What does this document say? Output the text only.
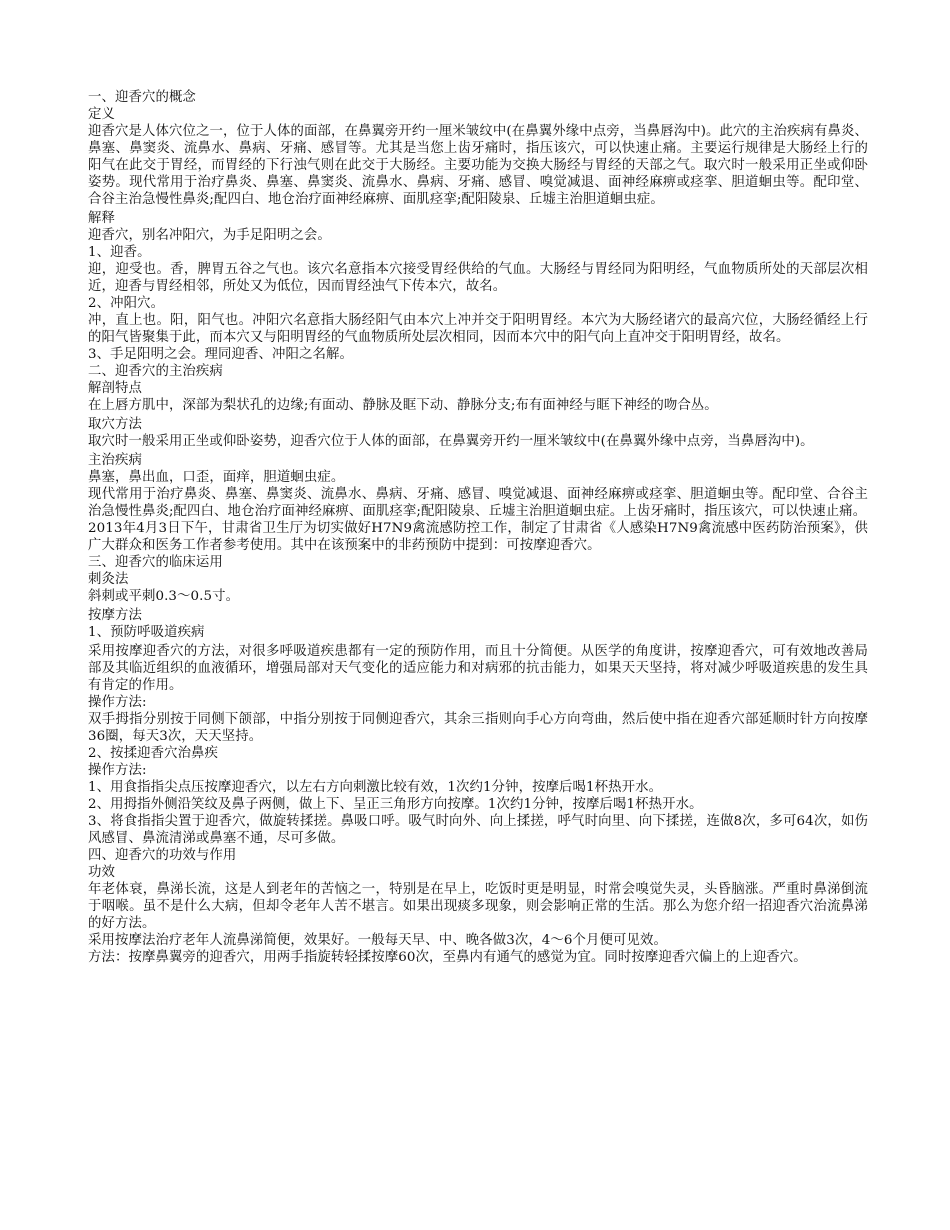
一、迎香穴的概念

定义

迎香穴是人体穴位之一，位于人体的面部，在鼻翼旁开约一厘米皱纹中(在鼻翼外缘中点旁，当鼻唇沟中)。此穴的主治疾病有鼻炎、鼻塞、鼻窦炎、流鼻水、鼻病、牙痛、感冒等。尤其是当您上齿牙痛时，指压该穴，可以快速止痛。主要运行规律是大肠经上行的阳气在此交于胃经，而胃经的下行浊气则在此交于大肠经。主要功能为交换大肠经与胃经的天部之气。取穴时一般采用正坐或仰卧姿势。现代常用于治疗鼻炎、鼻塞、鼻窦炎、流鼻水、鼻病、牙痛、感冒、嗅觉减退、面神经麻痹或痉挛、胆道蛔虫等。配印堂、合谷主治急慢性鼻炎;配四白、地仓治疗面神经麻痹、面肌痉挛;配阳陵泉、丘墟主治胆道蛔虫症。

解释

迎香穴，别名冲阳穴，为手足阳明之会。

1、迎香。

迎，迎受也。香，脾胃五谷之气也。该穴名意指本穴接受胃经供给的气血。大肠经与胃经同为阳明经，气血物质所处的天部层次相近，迎香与胃经相邻，所处又为低位，因而胃经浊气下传本穴，故名。

2、冲阳穴。

冲，直上也。阳，阳气也。冲阳穴名意指大肠经阳气由本穴上冲并交于阳明胃经。本穴为大肠经诸穴的最高穴位，大肠经循经上行的阳气皆聚集于此，而本穴又与阳明胃经的气血物质所处层次相同，因而本穴中的阳气向上直冲交于阳明胃经，故名。

3、手足阳明之会。理同迎香、冲阳之名解。

二、迎香穴的主治疾病

解剖特点

在上唇方肌中，深部为梨状孔的边缘;有面动、静脉及眶下动、静脉分支;布有面神经与眶下神经的吻合丛。

取穴方法

取穴时一般采用正坐或仰卧姿势，迎香穴位于人体的面部，在鼻翼旁开约一厘米皱纹中(在鼻翼外缘中点旁，当鼻唇沟中)。

主治疾病

鼻塞，鼻出血，口歪，面痒，胆道蛔虫症。

现代常用于治疗鼻炎、鼻塞、鼻窦炎、流鼻水、鼻病、牙痛、感冒、嗅觉减退、面神经麻痹或痉挛、胆道蛔虫等。配印堂、合谷主治急慢性鼻炎;配四白、地仓治疗面神经麻痹、面肌痉挛;配阳陵泉、丘墟主治胆道蛔虫症。上齿牙痛时，指压该穴，可以快速止痛。

2013年4月3日下午，甘肃省卫生厅为切实做好H7N9禽流感防控工作，制定了甘肃省《人感染H7N9禽流感中医药防治预案》，供广大群众和医务工作者参考使用。其中在该预案中的非药预防中提到：可按摩迎香穴。

三、迎香穴的临床运用

刺灸法

斜刺或平刺0.3～0.5寸。

按摩方法

1、预防呼吸道疾病

采用按摩迎香穴的方法，对很多呼吸道疾患都有一定的预防作用，而且十分简便。从医学的角度讲，按摩迎香穴，可有效地改善局部及其临近组织的血液循环，增强局部对天气变化的适应能力和对病邪的抗击能力，如果天天坚持，将对减少呼吸道疾患的发生具有肯定的作用。

操作方法:

双手拇指分别按于同侧下颌部，中指分别按于同侧迎香穴，其余三指则向手心方向弯曲，然后使中指在迎香穴部延顺时针方向按摩36圈，每天3次，天天坚持。

2、按揉迎香穴治鼻疾

操作方法:

1、用食指指尖点压按摩迎香穴，以左右方向刺激比较有效，1次约1分钟，按摩后喝1杯热开水。

2、用拇指外侧沿笑纹及鼻子两侧，做上下、呈正三角形方向按摩。1次约1分钟，按摩后喝1杯热开水。

3、将食指指尖置于迎香穴，做旋转揉搓。鼻吸口呼。吸气时向外、向上揉搓，呼气时向里、向下揉搓，连做8次，多可64次，如伤风感冒、鼻流清涕或鼻塞不通，尽可多做。

四、迎香穴的功效与作用

功效

年老体衰，鼻涕长流，这是人到老年的苦恼之一，特别是在早上，吃饭时更是明显，时常会嗅觉失灵，头昏脑涨。严重时鼻涕倒流于咽喉。虽不是什么大病，但却令老年人苦不堪言。如果出现痰多现象，则会影响正常的生活。那么为您介绍一招迎香穴治流鼻涕的好方法。

采用按摩法治疗老年人流鼻涕简便，效果好。一般每天早、中、晚各做3次，4～6个月便可见效。

方法：按摩鼻翼旁的迎香穴，用两手指旋转轻揉按摩60次，至鼻内有通气的感觉为宜。同时按摩迎香穴偏上的上迎香穴。
